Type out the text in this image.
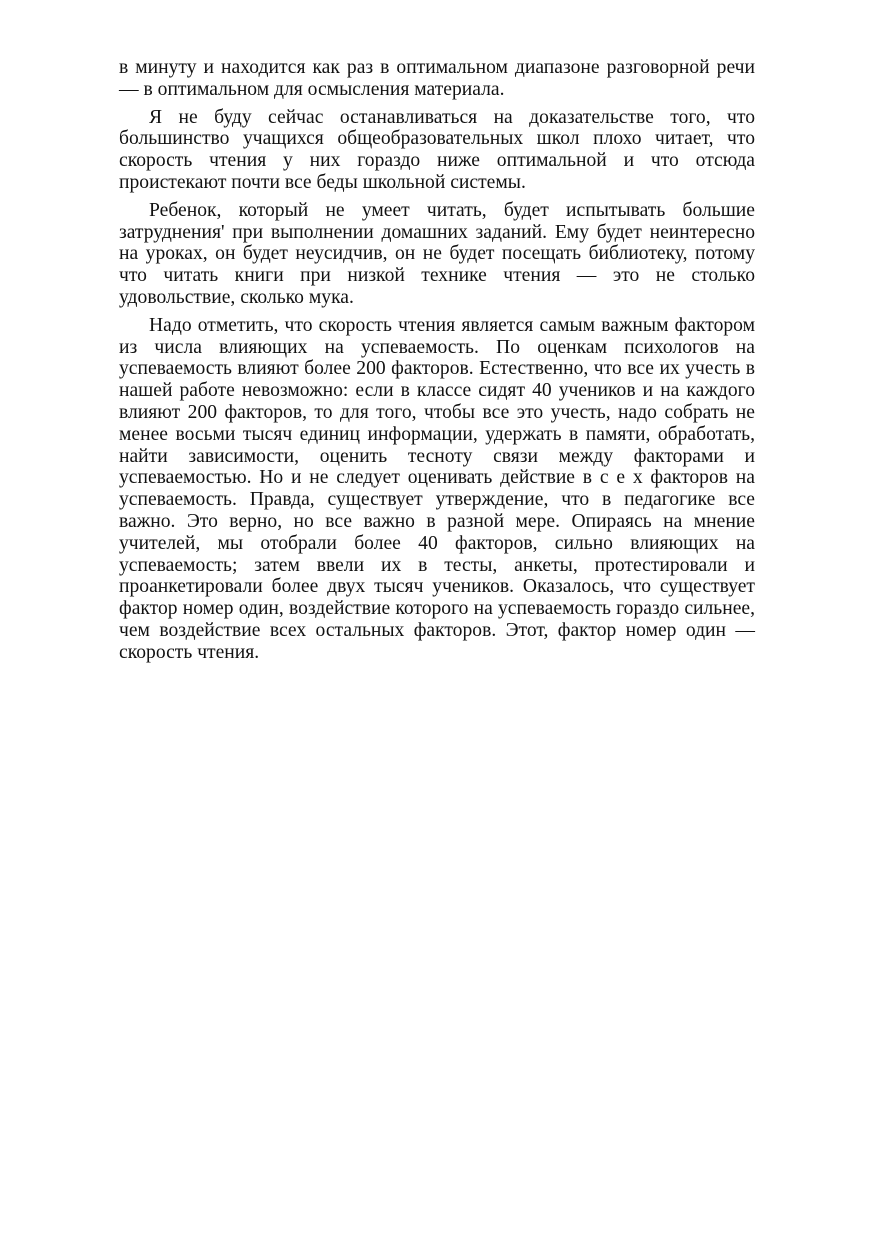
в минуту и находится как раз в оптимальном диапазоне разговорной речи — в оптимальном для осмысления материала.

Я не буду сейчас останавливаться на доказательстве того, что большинство учащихся общеобразовательных школ плохо читает, что скорость чтения у них гораздо ниже оптимальной и что отсюда проистекают почти все беды школьной системы.

Ребенок, который не умеет читать, будет испытывать большие затруднения' при выполнении домашних заданий. Ему будет неинтересно на уроках, он будет неусидчив, он не будет посещать библиотеку, потому что читать книги при низкой технике чтения — это не столько удовольствие, сколько мука.

Надо отметить, что скорость чтения является самым важным фактором из числа влияющих на успеваемость. По оценкам психологов на успеваемость влияют более 200 факторов. Естественно, что все их учесть в нашей работе невозможно: если в классе сидят 40 учеников и на каждого влияют 200 факторов, то для того, чтобы все это учесть, надо собрать не менее восьми тысяч единиц информации, удержать в памяти, обработать, найти зависимости, оценить тесноту связи между факторами и успеваемостью. Но и не следует оценивать действие в с е х факторов на успеваемость. Правда, существует утверждение, что в педагогике все важно. Это верно, но все важно в разной мере. Опираясь на мнение учителей, мы отобрали более 40 факторов, сильно влияющих на успеваемость; затем ввели их в тесты, анкеты, протестировали и проанкетировали более двух тысяч учеников. Оказалось, что существует фактор номер один, воздействие которого на успеваемость гораздо сильнее, чем воздействие всех остальных факторов. Этот, фактор номер один — скорость чтения.
